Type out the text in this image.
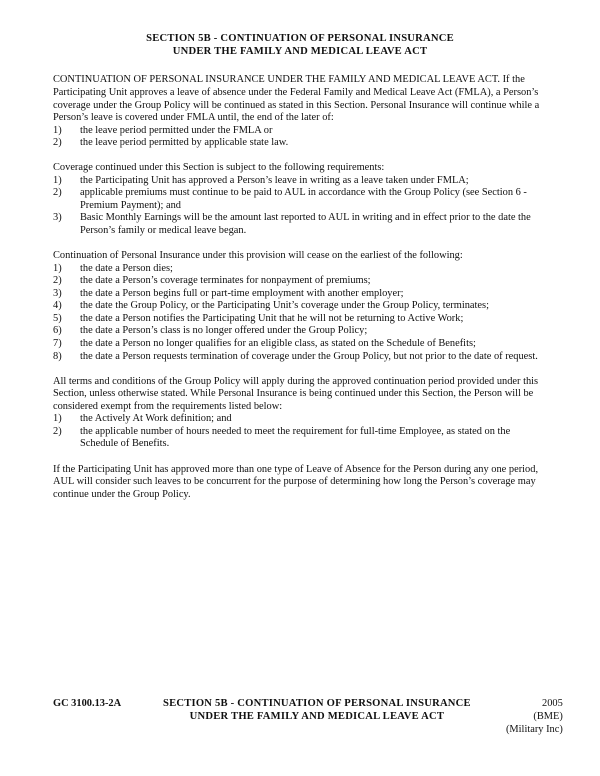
SECTION 5B - CONTINUATION OF PERSONAL INSURANCE
UNDER THE FAMILY AND MEDICAL LEAVE ACT

CONTINUATION OF PERSONAL INSURANCE UNDER THE FAMILY AND MEDICAL LEAVE ACT. If the Participating Unit approves a leave of absence under the Federal Family and Medical Leave Act (FMLA), a Person’s coverage under the Group Policy will be continued as stated in this Section. Personal Insurance will continue while a Person’s leave is covered under FMLA until, the end of the later of:

1)	the leave period permitted under the FMLA or
2)	the leave period permitted by applicable state law.

Coverage continued under this Section is subject to the following requirements:

1)	the Participating Unit has approved a Person’s leave in writing as a leave taken under FMLA;
2)	applicable premiums must continue to be paid to AUL in accordance with the Group Policy (see Section 6 - Premium Payment); and
3)	Basic Monthly Earnings will be the amount last reported to AUL in writing and in effect prior to the date the Person’s family or medical leave began.

Continuation of Personal Insurance under this provision will cease on the earliest of the following:

1)	the date a Person dies;
2)	the date a Person’s coverage terminates for nonpayment of premiums;
3)	the date a Person begins full or part-time employment with another employer;
4)	the date the Group Policy, or the Participating Unit’s coverage under the Group Policy, terminates;
5)	the date a Person notifies the Participating Unit that he will not be returning to Active Work;
6)	the date a Person’s class is no longer offered under the Group Policy;
7)	the date a Person no longer qualifies for an eligible class, as stated on the Schedule of Benefits;
8)	the date a Person requests termination of coverage under the Group Policy, but not prior to the date of request.

All terms and conditions of the Group Policy will apply during the approved continuation period provided under this Section, unless otherwise stated. While Personal Insurance is being continued under this Section, the Person will be considered exempt from the requirements listed below:

1)	the Actively At Work definition; and
2)	the applicable number of hours needed to meet the requirement for full-time Employee, as stated on the Schedule of Benefits.

If the Participating Unit has approved more than one type of Leave of Absence for the Person during any one period, AUL will consider such leaves to be concurrent for the purpose of determining how long the Person’s coverage may continue under the Group Policy.

GC 3100.13-2A	SECTION 5B - CONTINUATION OF PERSONAL INSURANCE
UNDER THE FAMILY AND MEDICAL LEAVE ACT
2005
(BME)
(Military Inc)
